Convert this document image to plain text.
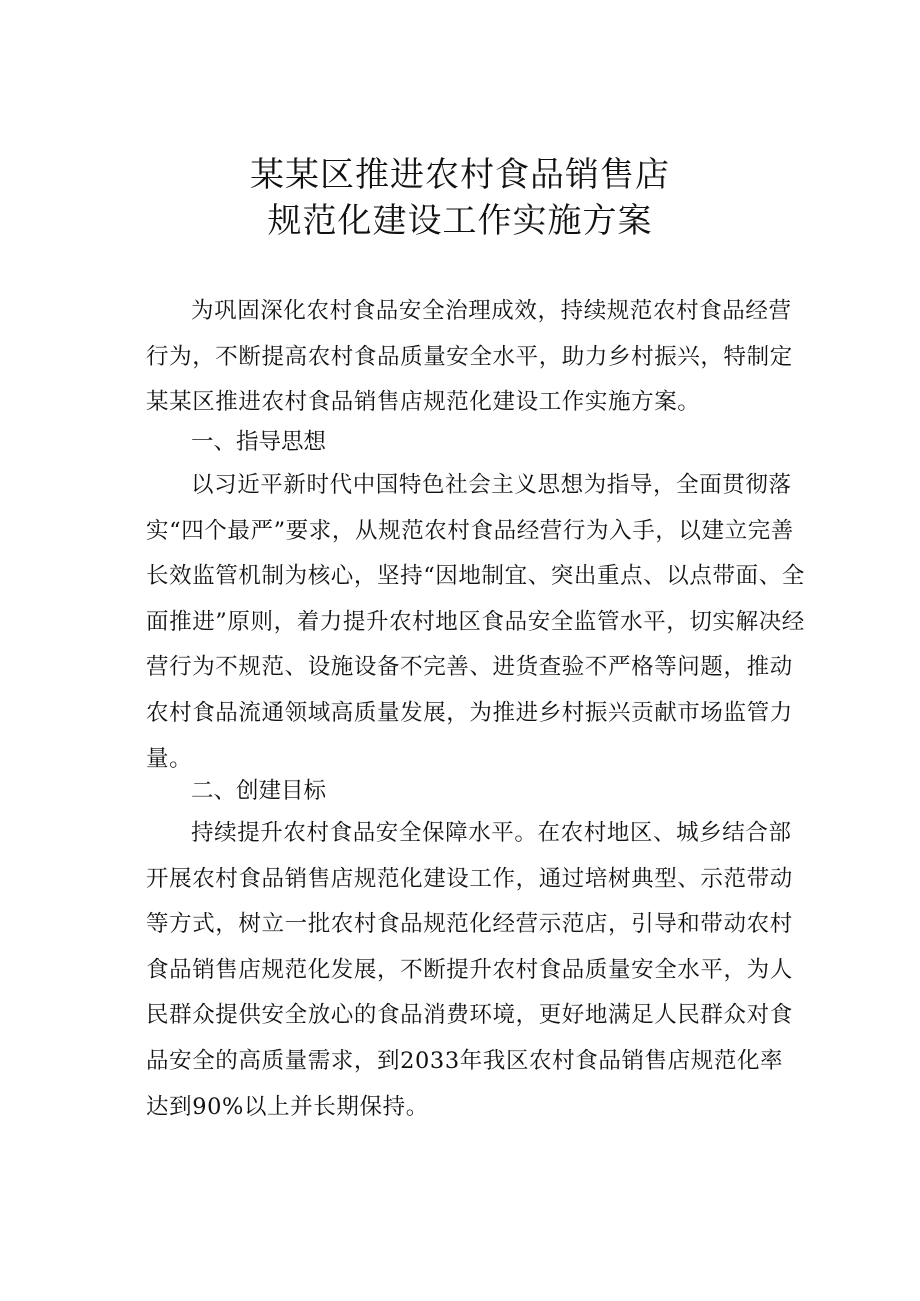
某某区推进农村食品销售店
规范化建设工作实施方案
为巩固深化农村食品安全治理成效，持续规范农村食品经营行为，不断提高农村食品质量安全水平，助力乡村振兴，特制定某某区推进农村食品销售店规范化建设工作实施方案。
一、指导思想
以习近平新时代中国特色社会主义思想为指导，全面贯彻落实“四个最严”要求，从规范农村食品经营行为入手，以建立完善长效监管机制为核心，坚持“因地制宜、突出重点、以点带面、全面推进”原则，着力提升农村地区食品安全监管水平，切实解决经营行为不规范、设施设备不完善、进货查验不严格等问题，推动农村食品流通领域高质量发展，为推进乡村振兴贡献市场监管力量。
二、创建目标
持续提升农村食品安全保障水平。在农村地区、城乡结合部开展农村食品销售店规范化建设工作，通过培树典型、示范带动等方式，树立一批农村食品规范化经营示范店，引导和带动农村食品销售店规范化发展，不断提升农村食品质量安全水平，为人民群众提供安全放心的食品消费环境，更好地满足人民群众对食品安全的高质量需求，到2033年我区农村食品销售店规范化率达到90%以上并长期保持。
